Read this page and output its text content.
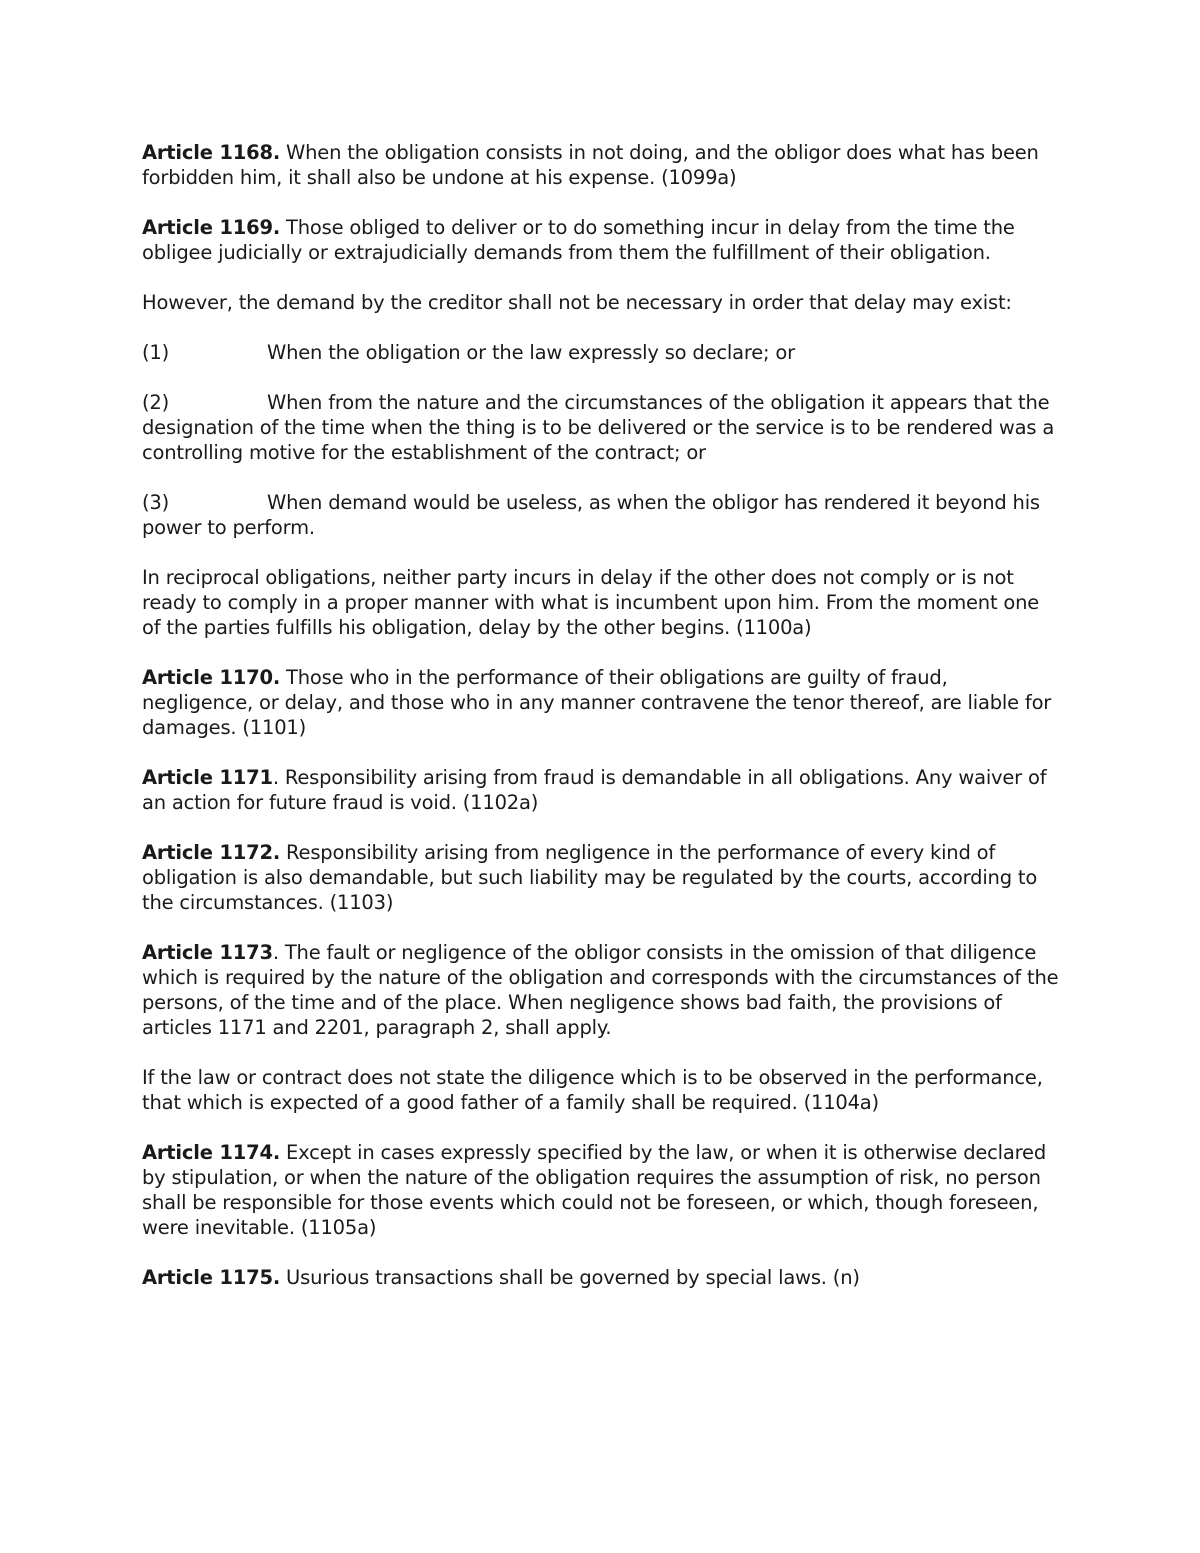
Article 1168. When the obligation consists in not doing, and the obligor does what has been forbidden him, it shall also be undone at his expense. (1099a)

Article 1169. Those obliged to deliver or to do something incur in delay from the time the obligee judicially or extrajudicially demands from them the fulfillment of their obligation.

However, the demand by the creditor shall not be necessary in order that delay may exist:

(1)	When the obligation or the law expressly so declare; or

(2)	When from the nature and the circumstances of the obligation it appears that the designation of the time when the thing is to be delivered or the service is to be rendered was a controlling motive for the establishment of the contract; or

(3)	When demand would be useless, as when the obligor has rendered it beyond his power to perform.

In reciprocal obligations, neither party incurs in delay if the other does not comply or is not ready to comply in a proper manner with what is incumbent upon him. From the moment one of the parties fulfills his obligation, delay by the other begins. (1100a)

Article 1170. Those who in the performance of their obligations are guilty of fraud, negligence, or delay, and those who in any manner contravene the tenor thereof, are liable for damages. (1101)

Article 1171. Responsibility arising from fraud is demandable in all obligations. Any waiver of an action for future fraud is void. (1102a)

Article 1172. Responsibility arising from negligence in the performance of every kind of obligation is also demandable, but such liability may be regulated by the courts, according to the circumstances. (1103)

Article 1173. The fault or negligence of the obligor consists in the omission of that diligence which is required by the nature of the obligation and corresponds with the circumstances of the persons, of the time and of the place. When negligence shows bad faith, the provisions of articles 1171 and 2201, paragraph 2, shall apply.

If the law or contract does not state the diligence which is to be observed in the performance, that which is expected of a good father of a family shall be required. (1104a)

Article 1174. Except in cases expressly specified by the law, or when it is otherwise declared by stipulation, or when the nature of the obligation requires the assumption of risk, no person shall be responsible for those events which could not be foreseen, or which, though foreseen, were inevitable. (1105a)

Article 1175. Usurious transactions shall be governed by special laws. (n)
